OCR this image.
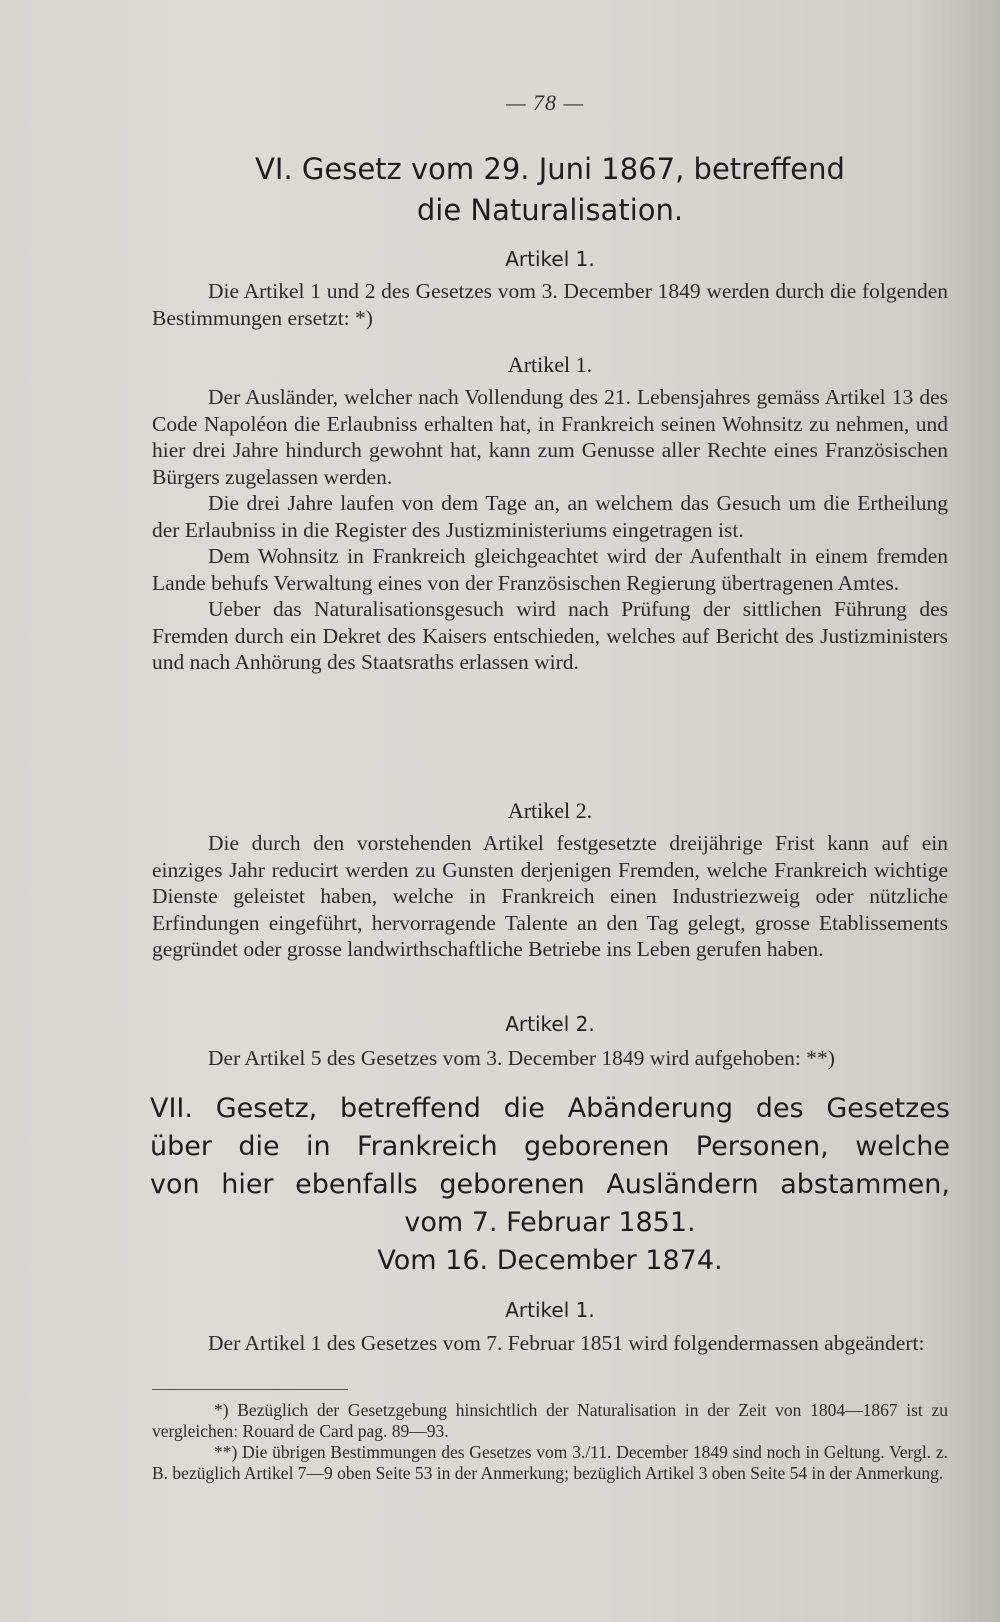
— 78 —
VI. Gesetz vom 29. Juni 1867, betreffend
die Naturalisation.
Artikel 1.

Die Artikel 1 und 2 des Gesetzes vom 3. December 1849 werden durch die folgenden Bestimmungen ersetzt: *)

Artikel 1.

Der Ausländer, welcher nach Vollendung des 21. Lebensjahres gemäss Artikel 13 des Code Napoléon die Erlaubniss erhalten hat, in Frankreich seinen Wohnsitz zu nehmen, und hier drei Jahre hindurch gewohnt hat, kann zum Genusse aller Rechte eines Französischen Bürgers zugelassen werden.

Die drei Jahre laufen von dem Tage an, an welchem das Gesuch um die Ertheilung der Erlaubniss in die Register des Justizministeriums eingetragen ist.

Dem Wohnsitz in Frankreich gleichgeachtet wird der Aufenthalt in einem fremden Lande behufs Verwaltung eines von der Französischen Regierung übertragenen Amtes.

Ueber das Naturalisationsgesuch wird nach Prüfung der sittlichen Führung des Fremden durch ein Dekret des Kaisers entschieden, welches auf Bericht des Justizministers und nach Anhörung des Staatsraths erlassen wird.

Artikel 2.

Die durch den vorstehenden Artikel festgesetzte dreijährige Frist kann auf ein einziges Jahr reducirt werden zu Gunsten derjenigen Fremden, welche Frankreich wichtige Dienste geleistet haben, welche in Frankreich einen Industriezweig oder nützliche Erfindungen eingeführt, hervorragende Talente an den Tag gelegt, grosse Etablissements gegründet oder grosse landwirthschaftliche Betriebe ins Leben gerufen haben.

Artikel 2.

Der Artikel 5 des Gesetzes vom 3. December 1849 wird aufgehoben: **)

VII. Gesetz, betreffend die Abänderung des Gesetzes
über die in Frankreich geborenen Personen, welche
von hier ebenfalls geborenen Ausländern abstammen,
vom 7. Februar 1851.
Vom 16. December 1874.
Artikel 1.

Der Artikel 1 des Gesetzes vom 7. Februar 1851 wird folgendermassen abgeändert:

*) Bezüglich der Gesetzgebung hinsichtlich der Naturalisation in der Zeit von 1804—1867 ist zu vergleichen: Rouard de Card pag. 89—93.

**) Die übrigen Bestimmungen des Gesetzes vom 3./11. December 1849 sind noch in Geltung. Vergl. z. B. bezüglich Artikel 7—9 oben Seite 53 in der Anmerkung; bezüglich Artikel 3 oben Seite 54 in der Anmerkung.
